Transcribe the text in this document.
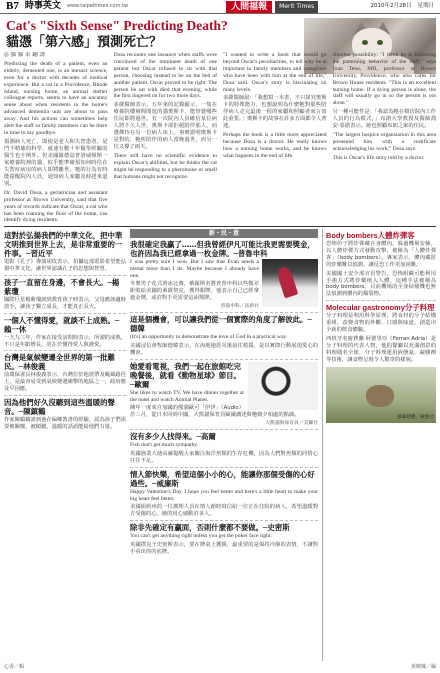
B7 時事英文 www.taipeitimes.com.tw	人間福報	Merit Times	2010年2月28日 星期日
Cat's "Sixth Sense" Predicting Death?
貓憑「第六感」預測死亡？
◎ 貓 貓 采 翻 譯

Predicting the death of a patient, even an elderly, demented one, is an inexact science, even for a doctor with decades of medical experience. But a cat in a Providence, Rhode Island, nursing home, an animal shelter colleague reports, seems to have an uncanny sense about when residents in the home's advanced dementia unit are about to pass away. And his actions can sometimes help alert the staff so family members can be there in time to say goodbye.

預測病人死亡，即使是老人和失智患者，是門不精確的科學，就連有數十年醫學經驗的醫生也不例外。但美國羅德島普洛威頓斯一家療養院裡的貓，似乎能準確預知何時住在失智症病房的病人即將離世。牠的行為有時能提醒院內人員，通知病人家屬及時趕來道別。

Dr. David Dosa, a geriatrician and assistant professor at Brown University, said that five years of records indicate that Oscar, a cat who has been roaming the floor of the home, can identify dying residents.

Dosa recounts one instance when staffs were convinced of the imminent death of one patient but Oscar refused to sit with that person, choosing instead to be on the bed of another patient. Oscar proved to be right. The person he sat with died that evening, while the first lingered on for two more days.

多薩醫師表示，五年來的記錄顯示，一隻在療養院樓層間閒逛的貓奧斯卡，能察覺哪些住民即將過世。有一次院內人員確信某位病人將不久人世，奧斯卡卻拒絕陪伴那人，而選擇待在另一位病人床上。事實證明奧斯卡是對的，牠所陪伴的病人當晚過世，而另一位又撐了兩天。

There still have no scientific evidence to explain Oscar's abilities, but he thinks the cat might be responding to a pheromone or smell that humans might not recognize.

"I wanted to write a book that would go beyond Oscar's peculiarities, to tell why he is important to family members and caregivers who have been with him at the end of life," Dosa said. Oscar's story is fascinating on many levels.

多薩醫師說：「我想寫一本書，不只探究奧斯卡的特殊能力，也想說明為什麼牠對那些陪伴病人走完最後一程的家屬和照顧者而言如此重要。」奧斯卡的故事在許多方面都令人著迷。

Perhaps the book is a little more appreciated because Dosa is a doctor. He really knows how a nursing home works, and he knows what happens in the end of life.

Another possibility: "I think he is following the patterning behavior of the staff," says Joan Teno, MD, professor at Brown University, Providence, who also cares for Brown House residents. "This is an excellent nursing home. If a dying person is alone, the staff will usually go in so the person is not alone."

另一種可能性是：「我認為牠在模仿院內工作人員的行為模式，」布朗大學教授及醫師喬安‧泰諾表示。她也照顧布朗之家的住民。

"The largest hospice organization in this area presented him with a certificate acknowledging his work," Dosa says.

This is Oscar's life story told by a doctor.

這對於弘揚我們的中華文化，把中華文明推到世界上去，是非常重要的一件事。─習近平
電影《孔子》導演胡玫表示，拍攝這部電影希望能弘揚中華文化，讓世界認識孔子的思想與智慧。
孩子一直留在身邊，不會長大。─楊紫瓊
國際巨星楊紫瓊談到教育孩子時表示，父母應該適時放手，讓孩子獨立成長，才能真正長大。
一個人不懂得愛，就談不上成熟。─賴一休
一九九三年，作家在接受訪問時表示，所謂的成熟，不只是年齡增長，更在於懂得愛人與被愛。
台灣是氣候變遷全世界的第一批難民。─林俊義
前環保署長林俊義表示，台灣位於地震帶及颱風路徑上，是最容易受到氣候變遷衝擊的地區之一，政府應及早因應。
因為他們好久沒聽到這些溫暖的聲音。─陳鎮鶴
作家陳鎮鶴談到他在偏鄉教書的經驗，認為孩子們需要被關懷、被傾聽，溫暖的話語能給他們力量。
新・民・意
我很確定我贏了……但我曾經伊凡可能比我更需要獎金，也許因為我已經拿過一枚金牌。─普魯申科
I was pretty sure I won. But I saw that Evan needs a medal more than I do. Maybe because I already have one.
冬奧男子花式滑冰比賽，俄羅斯名將普魯申科以些微差距敗給美國的萊薩契克，獲得銀牌，他表示自己已經拿過金牌，或許對手更需要這面獎牌。
普魯申科／法新社
這是個機會，可以讓我們從一個實際的角度了解彼此。─德韓
(It's) an opportunity to demonstrate the love of God in a practical way.
美國浸信會牧師德韓表示，在海地地震災後前往救援，是以實際行動展現愛心的機會。
她愛看電視，我們一起在旅館吃完晚餐後，就看《動物星球》節目。─歐爾
She likes to watch TV. We have dinner together at the hotel and watch Animal Planet.
陳年一度來自加國的熊貓歐可「伊伊」（Audio）於三月，從日本回到中國，大熊貓保育員歐爾講述與牠朝夕相處的點滴。
大熊貓與保育員／美聯社
沒有多少人找得來。─高爾
Fish don't get much sympathy.
英國漁業大使高爾提醒大家關注海洋魚類的生存危機，因為人們對魚類的同情心往往不足。
情人節快樂，希望這個小小的心，能讓你那個受傷的心好過些。─威廉斯
Happy Valentine's Day. I hope you feel better and here's a little heart to make your big heart feel better.
美國紐約州的一位護理人員在情人節時寫信給一位正在住院的病人，希望溫暖對方受傷的心，她的用心感動許多人。
除非先確定有贏面，否則什麼都不要做。─史密斯
You can't get anything right unless you get the poker face right.
英國撲克王史密斯表示，要在牌桌上獲勝，最重要的是保持冷靜的表情，不讓對手看出你的底牌。
Body bombers人體炸彈客
恐怖份子將炸彈藏在身體內，躲過機場安檢，以人體炸彈方式發動攻擊，被稱為「人體炸彈客」（body bombers）。專家表示，體內藏匿的炸藥難以偵測，讓反恐工作更加困難。
美國國土安全部官員警告，恐怖組織可能利用手術方式將炸藥植入人體，這種手法被稱為body bombers。目前機場的全身掃描機也無法偵測到體內的爆裂物。
Molecular gastronomy分子料理
分子料理是利用科學原理，將食材的分子結構重組，改變食物的外觀、口感與味道，創造出全新的飲食體驗。
西班牙名廚費蘭‧阿德里亞（Ferran Adria）是分子料理的代表人物，他的餐廳以充滿創意的料理聞名全球，分子料理運用液態氮、凝膠劑等技術，讓食物呈現令人驚奇的樣貌。
貓咪爬樹／歐新社
心香／輯	黃曉臻／編
